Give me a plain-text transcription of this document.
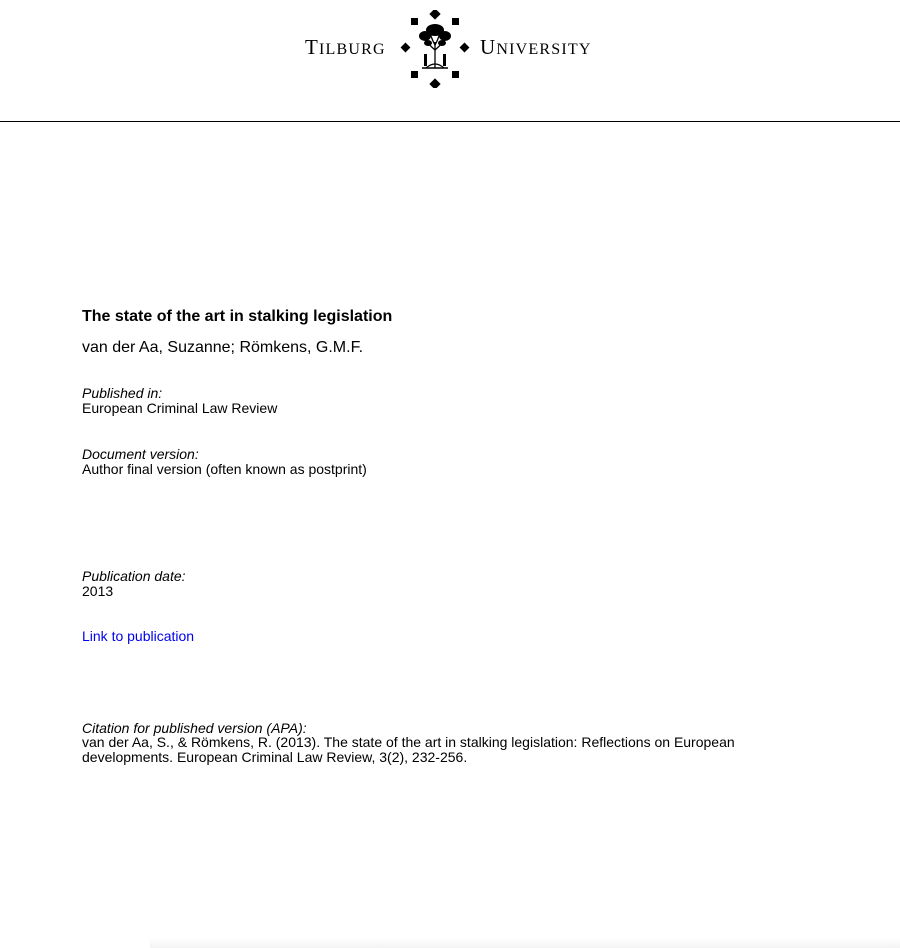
TILBURG	UNIVERSITY
The state of the art in stalking legislation
van der Aa, Suzanne; Römkens, G.M.F.
Published in:
European Criminal Law Review
Document version:
Author final version (often known as postprint)
Publication date:
2013
Link to publication
Citation for published version (APA):
van der Aa, S., & Römkens, R. (2013). The state of the art in stalking legislation: Reflections on European developments. European Criminal Law Review, 3(2), 232-256.
